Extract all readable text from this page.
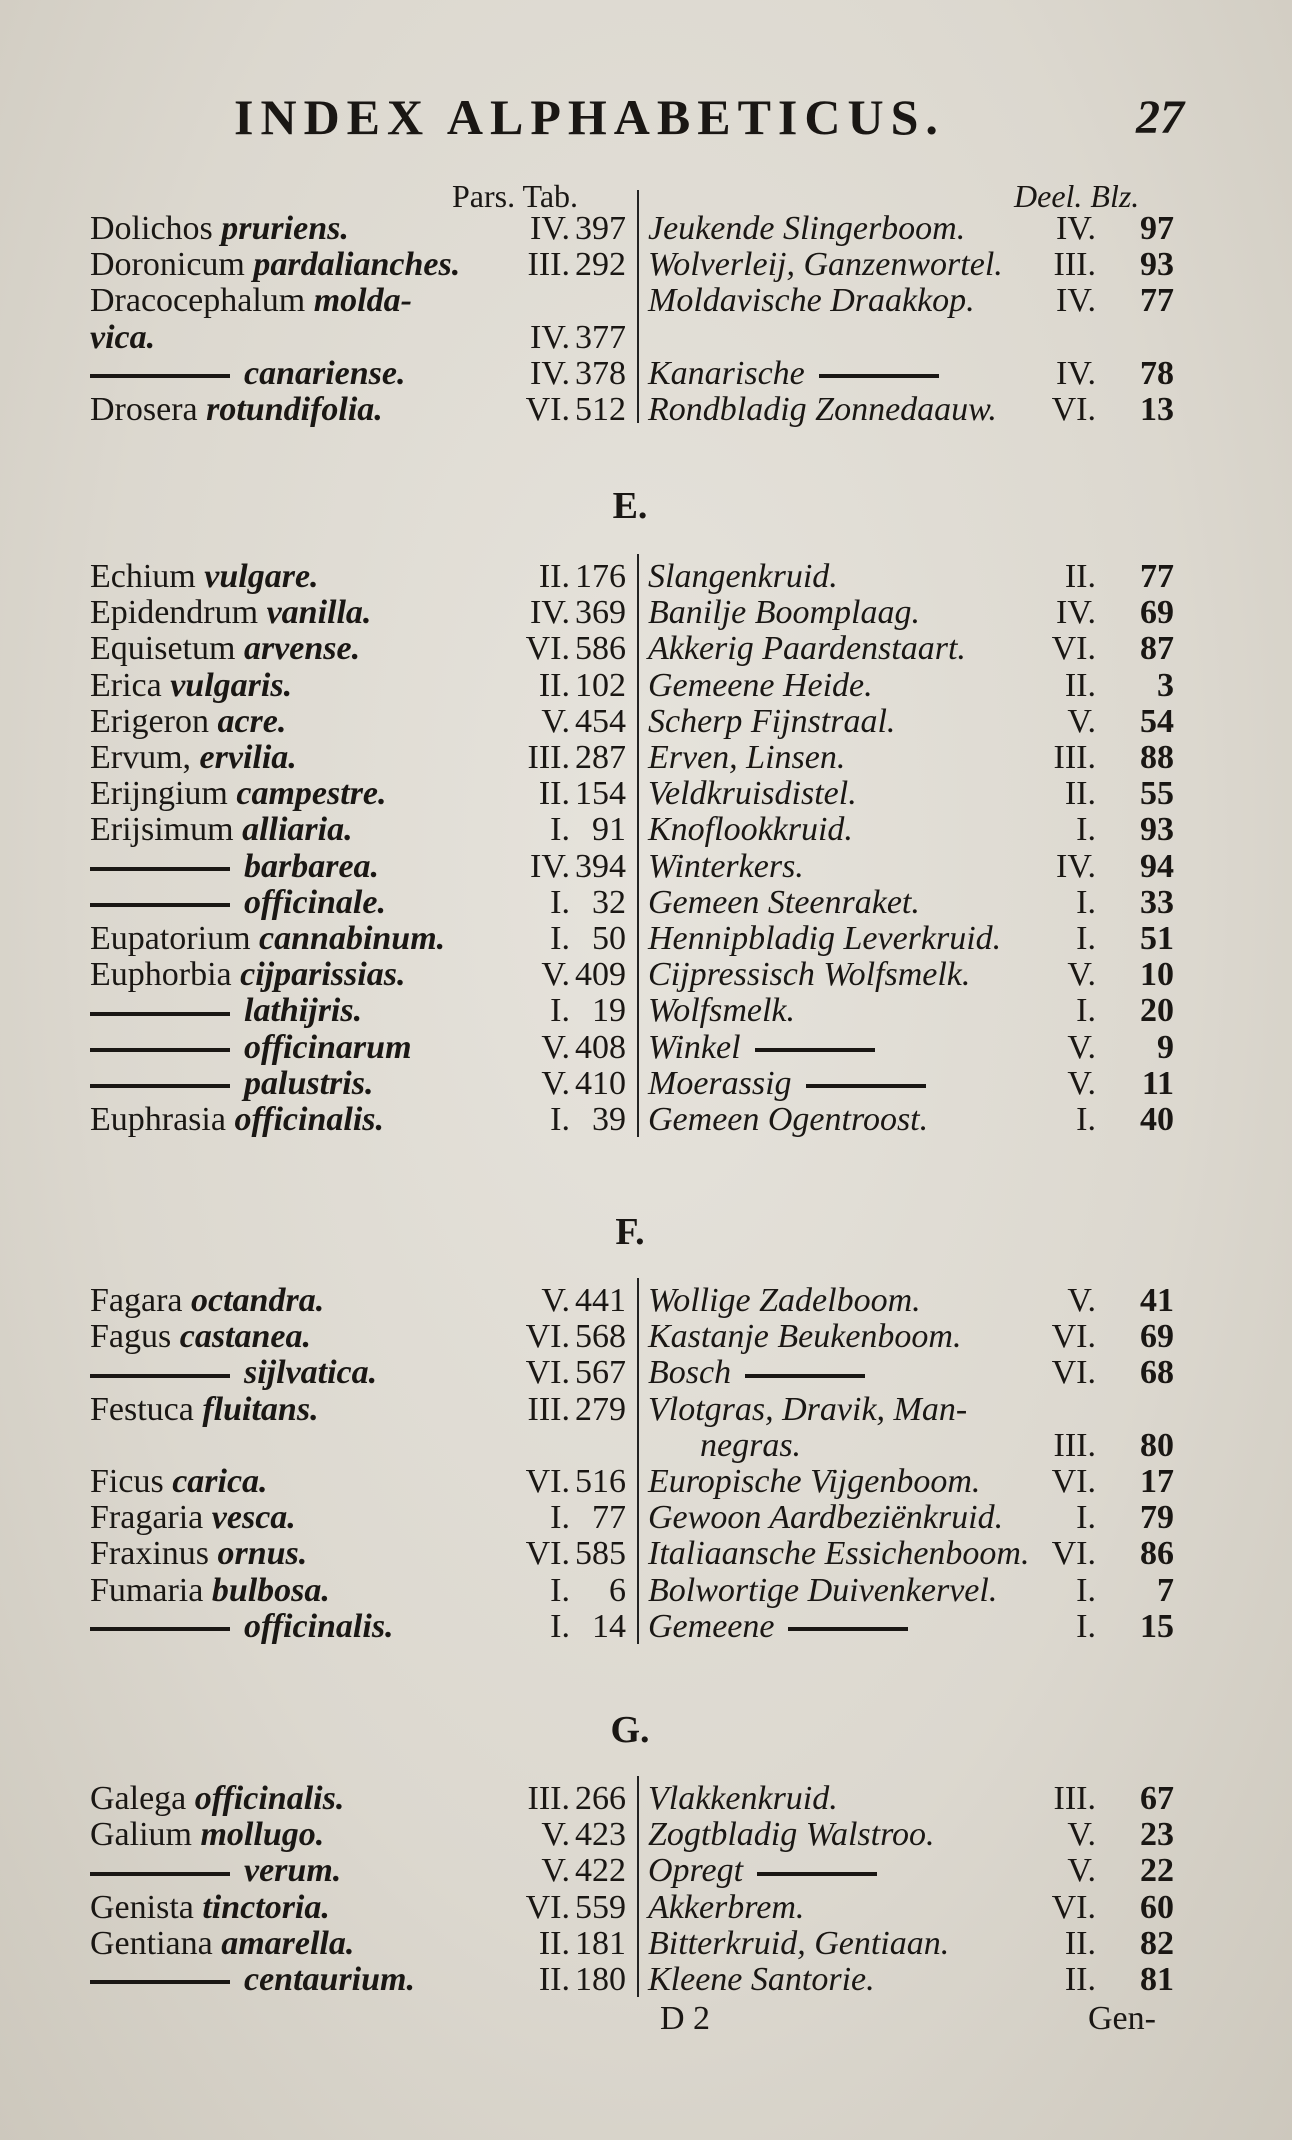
INDEX ALPHABETICUS.	27
Pars. Tab.	Deel. Blz.
Dolichos pruriens.	IV. 397 Jeukende Slingerboom.	IV.	97
Doronicum pardalianches.	III. 292 Wolverleij, Ganzenwortel.	III.	93
Dracocephalum molda-	Moldavische Draakkop.	IV.	77
vica.	IV. 377
canariense.	IV. 378 Kanarische	IV.	78
Drosera rotundifolia.	VI. 512 Rondbladig Zonnedaauw.	VI.	13
E.
Echium vulgare.	II. 176 Slangenkruid.	II.	77
Epidendrum vanilla.	IV. 369 Banilje Boomplaag.	IV.	69
Equisetum arvense.	VI. 586 Akkerig Paardenstaart.	VI.	87
Erica vulgaris.	II. 102 Gemeene Heide.	II.	3
Erigeron acre.	V. 454 Scherp Fijnstraal.	V.	54
Ervum, ervilia.	III. 287 Erven, Linsen.	III.	88
Erijngium campestre.	II. 154 Veldkruisdistel.	II.	55
Erijsimum alliaria.	I. 91 Knoflookkruid.	I.	93
barbarea.	IV. 394 Winterkers.	IV.	94
officinale.	I. 32 Gemeen Steenraket.	I.	33
Eupatorium cannabinum.	I. 50 Hennipbladig Leverkruid.	I.	51
Euphorbia cijparissias.	V. 409 Cijpressisch Wolfsmelk.	V.	10
lathijris.	I. 19 Wolfsmelk.	I.	20
officinarum	V. 408 Winkel	V.	9
palustris.	V. 410 Moerassig	V.	11
Euphrasia officinalis.	I. 39 Gemeen Ogentroost.	I.	40
F.
Fagara octandra.	V. 441 Wollige Zadelboom.	V.	41
Fagus castanea.	VI. 568 Kastanje Beukenboom.	VI.	69
sijlvatica.	VI. 567 Bosch	VI.	68
Festuca fluitans.	III. 279 Vlotgras, Dravik, Man-
negras.	III.	80
Ficus carica.	VI. 516 Europische Vijgenboom.	VI.	17
Fragaria vesca.	I. 77 Gewoon Aardbeziënkruid.	I.	79
Fraxinus ornus.	VI. 585 Italiaansche Essichenboom. VI.	86
Fumaria bulbosa.	I.	6 Bolwortige Duivenkervel.	I.	7
officinalis.	I. 14 Gemeene	I.	15
G.
Galega officinalis.	III. 266 Vlakkenkruid.	III.	67
Galium mollugo.	V. 423 Zogtbladig Walstroo.	V.	23
verum.	V. 422 Opregt	V.	22
Genista tinctoria.	VI. 559 Akkerbrem.	VI.	60
Gentiana amarella.	II. 181 Bitterkruid, Gentiaan.	II.	82
centaurium.	II. 180 Kleene Santorie.	II.	81
D 2	Gen-
